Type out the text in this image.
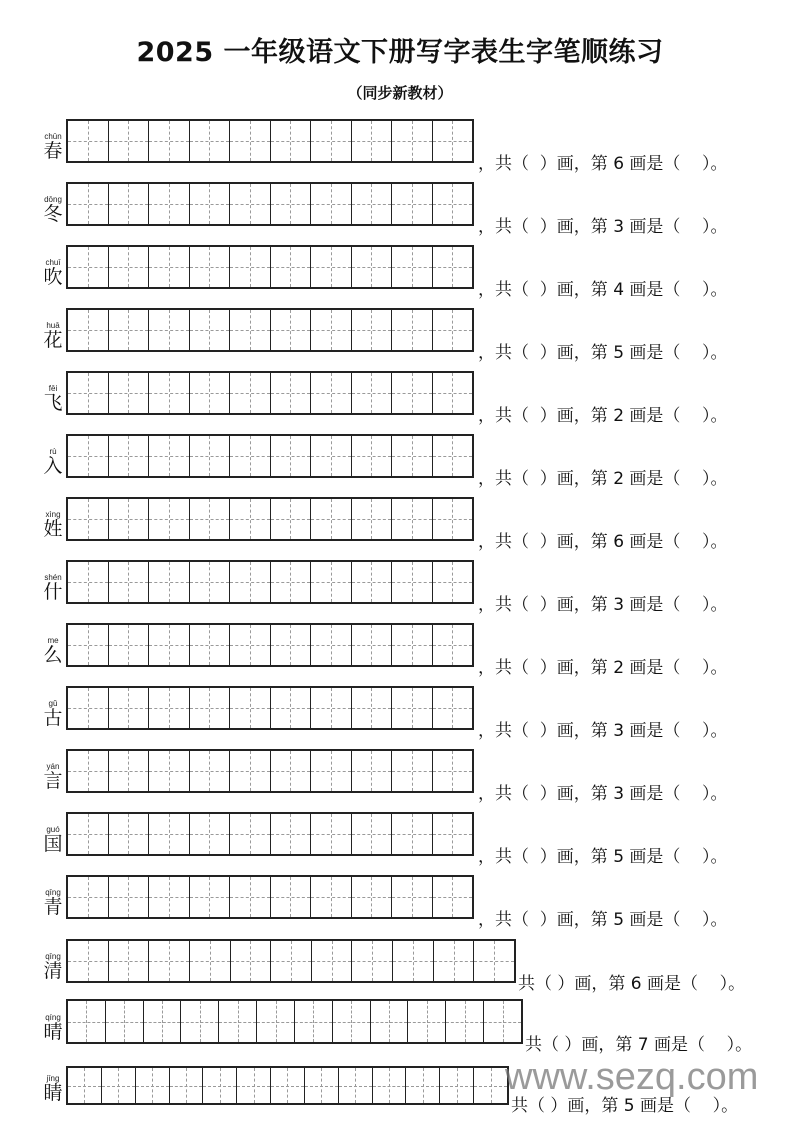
2025 一年级语文下册写字表生字笔顺练习
（同步新教材）
chūn
春
，共（  ）画，第 6 画是（    ）。
dōng
冬
，共（  ）画，第 3 画是（    ）。
chuī
吹
，共（  ）画，第 4 画是（    ）。
huā
花
，共（  ）画，第 5 画是（    ）。
fēi
飞
，共（  ）画，第 2 画是（    ）。
rù
入
，共（  ）画，第 2 画是（    ）。
xìng
姓
，共（  ）画，第 6 画是（    ）。
shén
什
，共（  ）画，第 3 画是（    ）。
me
么
，共（  ）画，第 2 画是（    ）。
gǔ
古
，共（  ）画，第 3 画是（    ）。
yán
言
，共（  ）画，第 3 画是（    ）。
guó
国
，共（  ）画，第 5 画是（    ）。
qīng
青
，共（  ）画，第 5 画是（    ）。
qīng
清
共（ ）画，第 6 画是（    ）。
qíng
晴
共（ ）画，第 7 画是（    ）。
jīng
睛
共（ ）画，第 5 画是（    ）。
www.sezq.com
